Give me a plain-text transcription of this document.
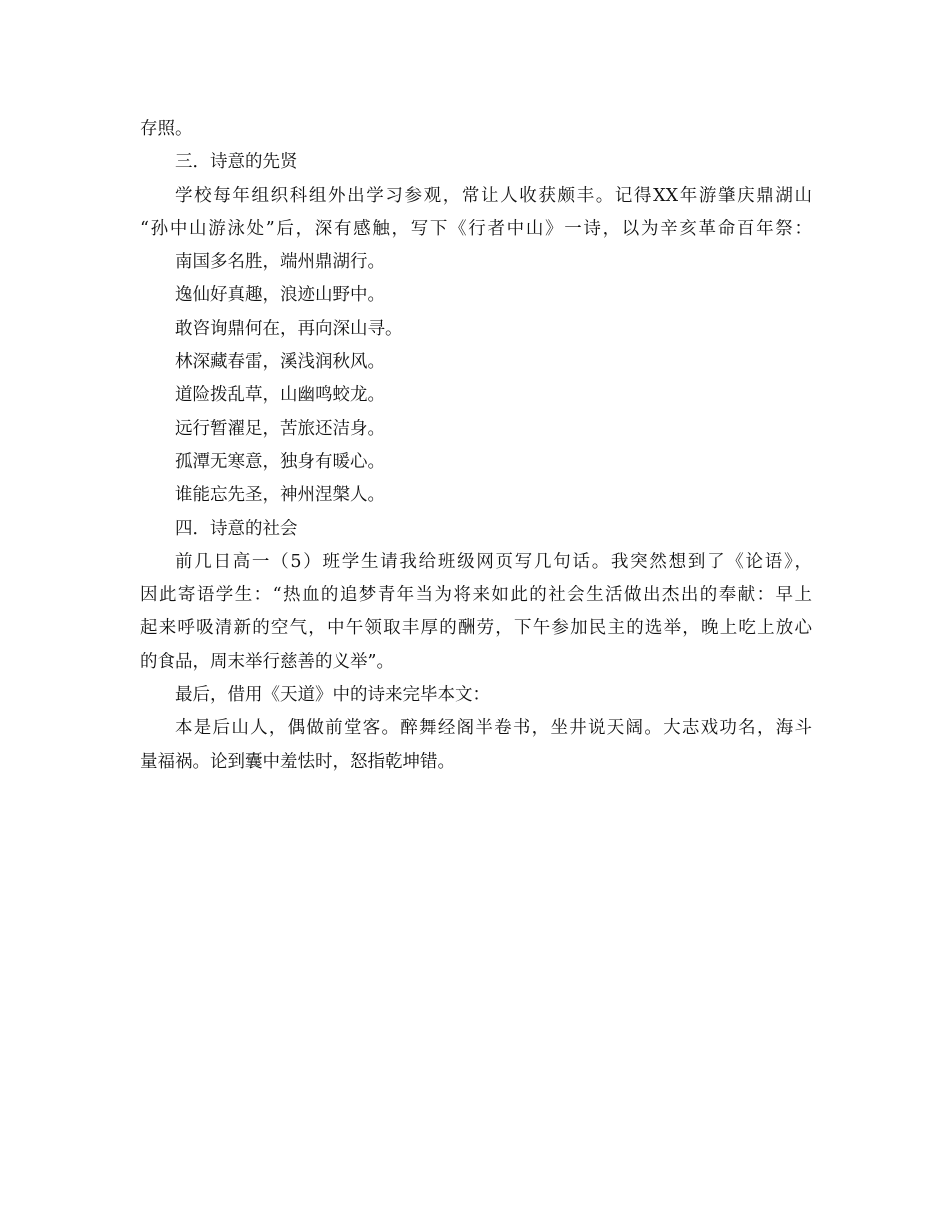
存照。
三．诗意的先贤
学校每年组织科组外出学习参观，常让人收获颇丰。记得XX年游肇庆鼎湖山
“孙中山游泳处”后，深有感触，写下《行者中山》一诗，以为辛亥革命百年祭：
南国多名胜，端州鼎湖行。
逸仙好真趣，浪迹山野中。
敢咨询鼎何在，再向深山寻。
林深藏春雷，溪浅润秋风。
道险拨乱草，山幽鸣蛟龙。
远行暂濯足，苦旅还洁身。
孤潭无寒意，独身有暖心。
谁能忘先圣，神州涅槃人。
四．诗意的社会
前几日高一（5）班学生请我给班级网页写几句话。我突然想到了《论语》，
因此寄语学生：“热血的追梦青年当为将来如此的社会生活做出杰出的奉献：早上
起来呼吸清新的空气，中午领取丰厚的酬劳，下午参加民主的选举，晚上吃上放心
的食品，周末举行慈善的义举”。
最后，借用《天道》中的诗来完毕本文：
本是后山人，偶做前堂客。醉舞经阁半卷书，坐井说天阔。大志戏功名，海斗
量福祸。论到囊中羞怯时，怒指乾坤错。
